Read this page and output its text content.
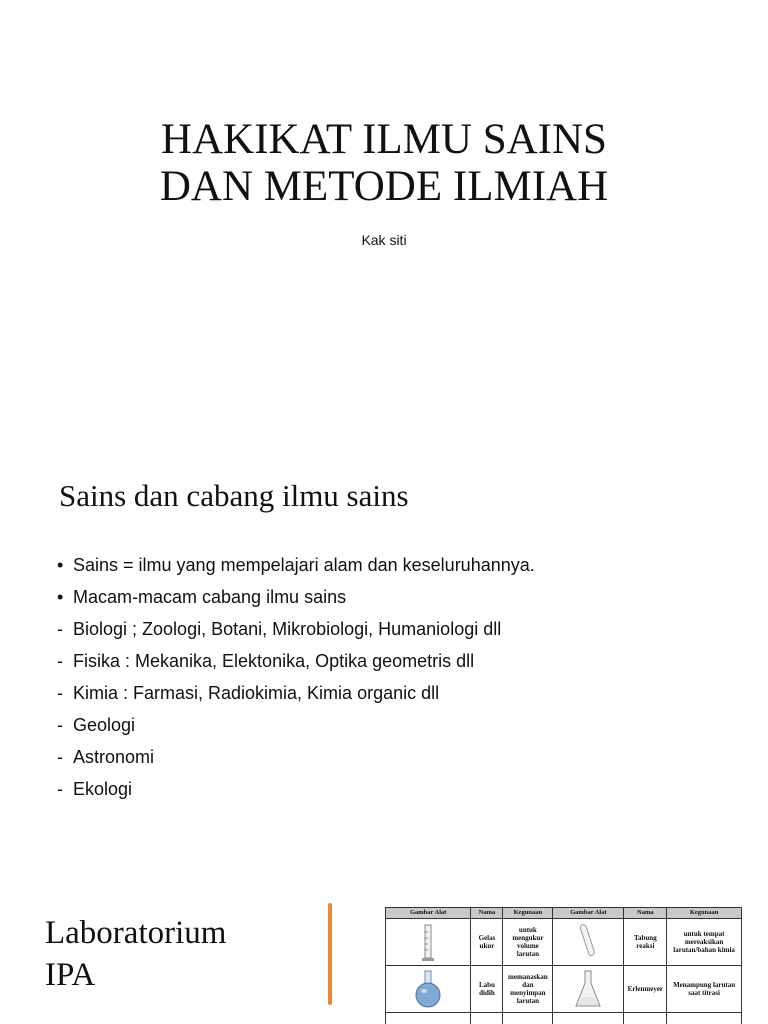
HAKIKAT ILMU SAINS
DAN METODE ILMIAH
Kak siti
Sains dan cabang ilmu sains
• Sains = ilmu yang mempelajari alam dan keseluruhannya.
• Macam-macam cabang ilmu sains
- Biologi ; Zoologi, Botani, Mikrobiologi, Humaniologi dll
- Fisika : Mekanika, Elektonika, Optika geometris dll
- Kimia : Farmasi, Radiokimia, Kimia organic dll
- Geologi
- Astronomi
- Ekologi
Laboratorium
IPA
Gambar Alat	Nama	Kegunaan	Gambar Alat	Nama	Kegunaan

	Gelas ukur	untuk mengukur volume larutan		Tabung reaksi	untuk tempat mereaksikan larutan/bahan kimia

	Labu didih	memanaskan dan menyimpan larutan		Erlenmeyer	Menampung larutan saat titrasi
